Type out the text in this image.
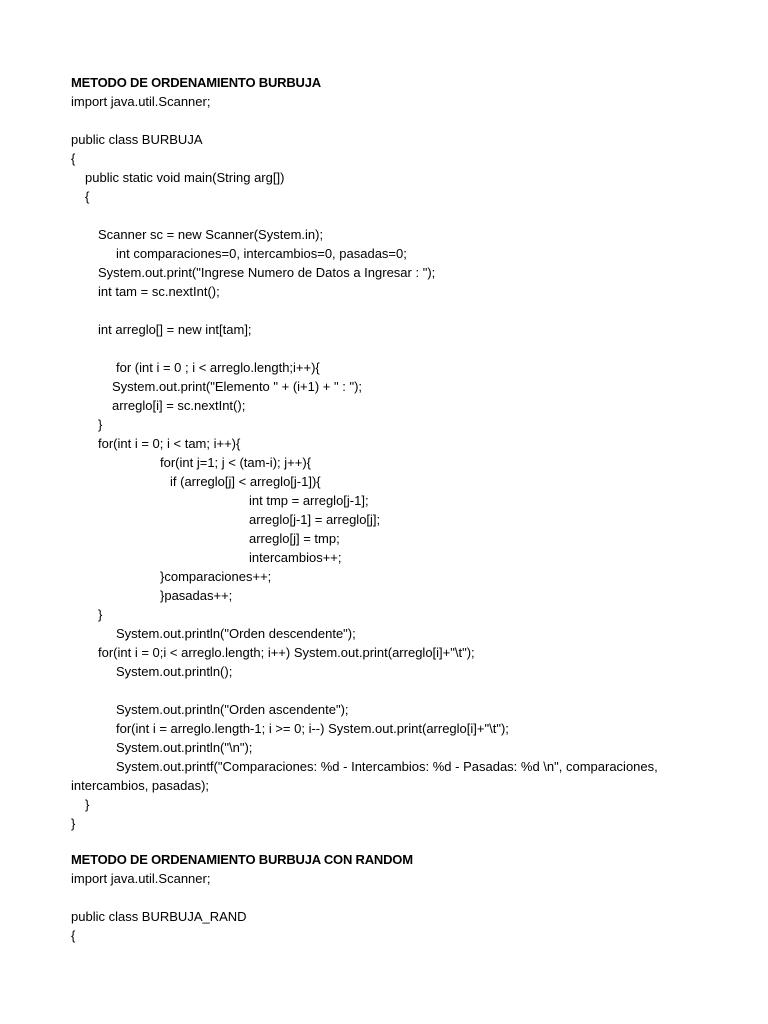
METODO DE ORDENAMIENTO BURBUJA
import java.util.Scanner;
public class BURBUJA
{
public static void main(String arg[])
{
Scanner sc = new Scanner(System.in);
int comparaciones=0, intercambios=0, pasadas=0;
System.out.print("Ingrese Numero de Datos a Ingresar : ");
int tam = sc.nextInt();
int arreglo[] = new int[tam];
for (int i = 0 ; i < arreglo.length;i++){
System.out.print("Elemento " + (i+1) + " : ");
arreglo[i] = sc.nextInt();
}
for(int i = 0; i < tam; i++){
for(int j=1; j < (tam-i); j++){
if (arreglo[j] < arreglo[j-1]){
int tmp = arreglo[j-1];
arreglo[j-1] = arreglo[j];
arreglo[j] = tmp;
intercambios++;
}comparaciones++;
}pasadas++;
}
System.out.println("Orden descendente");
for(int i = 0;i < arreglo.length; i++) System.out.print(arreglo[i]+"\t");
System.out.println();
System.out.println("Orden ascendente");
for(int i = arreglo.length-1; i >= 0; i--) System.out.print(arreglo[i]+"\t");
System.out.println("\n");
System.out.printf("Comparaciones: %d - Intercambios: %d - Pasadas: %d \n", comparaciones,
intercambios, pasadas);
}
}
METODO DE ORDENAMIENTO BURBUJA CON RANDOM
import java.util.Scanner;
public class BURBUJA_RAND
{
